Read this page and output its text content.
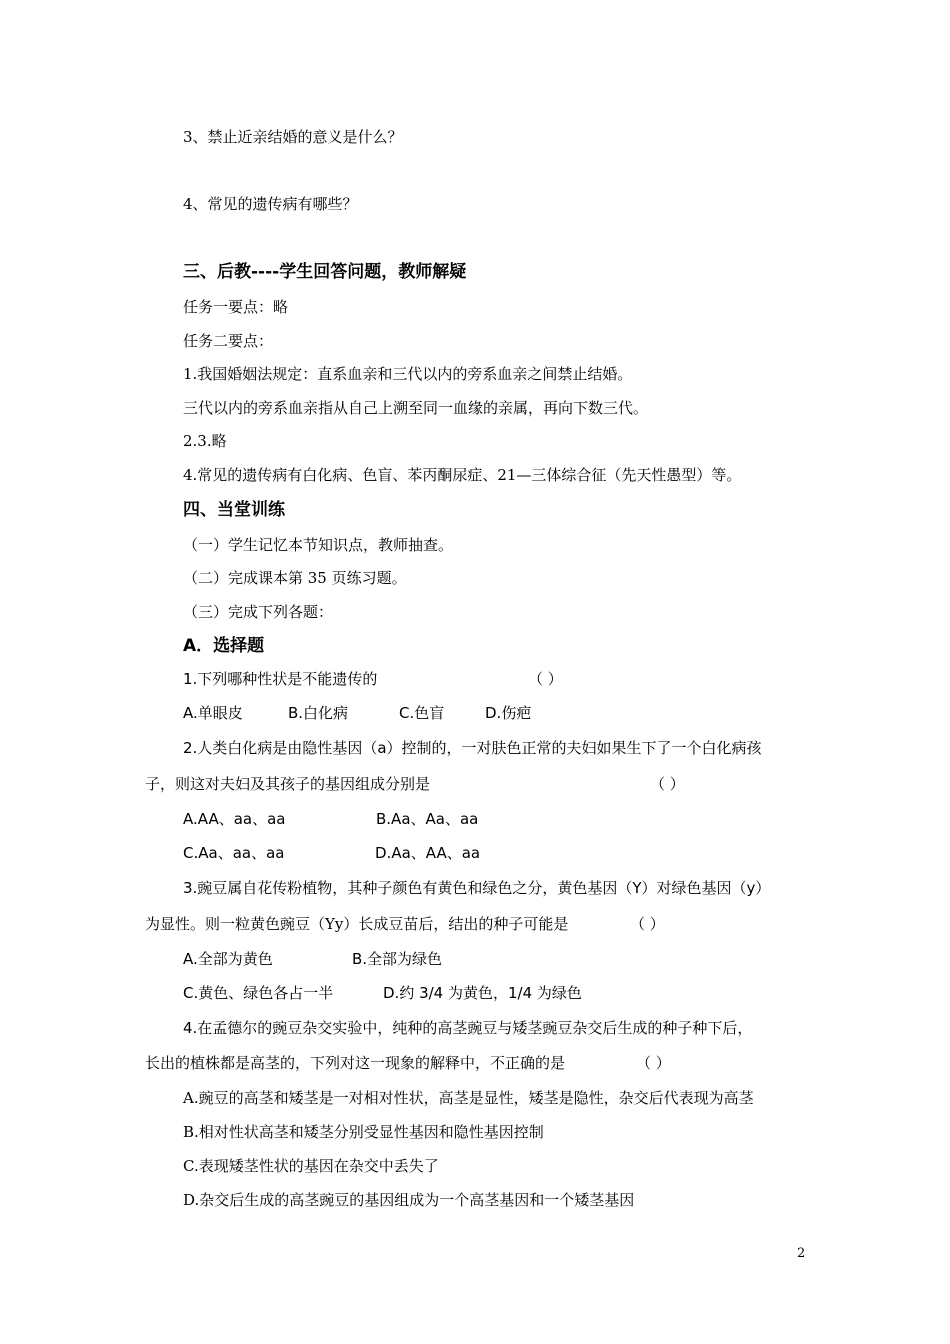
3、禁止近亲结婚的意义是什么？
4、常见的遗传病有哪些？
三、后教----学生回答问题，教师解疑
任务一要点：略
任务二要点：
1.我国婚姻法规定：直系血亲和三代以内的旁系血亲之间禁止结婚。
三代以内的旁系血亲指从自己上溯至同一血缘的亲属，再向下数三代。
2.3.略
4.常见的遗传病有白化病、色盲、苯丙酮尿症、21—三体综合征（先天性愚型）等。
四、当堂训练
（一）学生记忆本节知识点，教师抽查。
（二）完成课本第 35 页练习题。
（三）完成下列各题：
A．选择题
1.下列哪种性状是不能遗传的	（ ）
A.单眼皮	B.白化病	C.色盲	D.伤疤
2.人类白化病是由隐性基因（a）控制的，一对肤色正常的夫妇如果生下了一个白化病孩
子，则这对夫妇及其孩子的基因组成分别是	（ ）
A.AA、aa、aa	B.Aa、Aa、aa
C.Aa、aa、aa	D.Aa、AA、aa
3.豌豆属自花传粉植物，其种子颜色有黄色和绿色之分，黄色基因（Y）对绿色基因（y）
为显性。则一粒黄色豌豆（Yy）长成豆苗后，结出的种子可能是	（ ）
A.全部为黄色	B.全部为绿色
C.黄色、绿色各占一半	D.约 3/4 为黄色，1/4 为绿色
4.在孟德尔的豌豆杂交实验中，纯种的高茎豌豆与矮茎豌豆杂交后生成的种子种下后，
长出的植株都是高茎的，下列对这一现象的解释中，不正确的是	（ ）
A.豌豆的高茎和矮茎是一对相对性状，高茎是显性，矮茎是隐性，杂交后代表现为高茎
B.相对性状高茎和矮茎分别受显性基因和隐性基因控制
C.表现矮茎性状的基因在杂交中丢失了
D.杂交后生成的高茎豌豆的基因组成为一个高茎基因和一个矮茎基因
2
